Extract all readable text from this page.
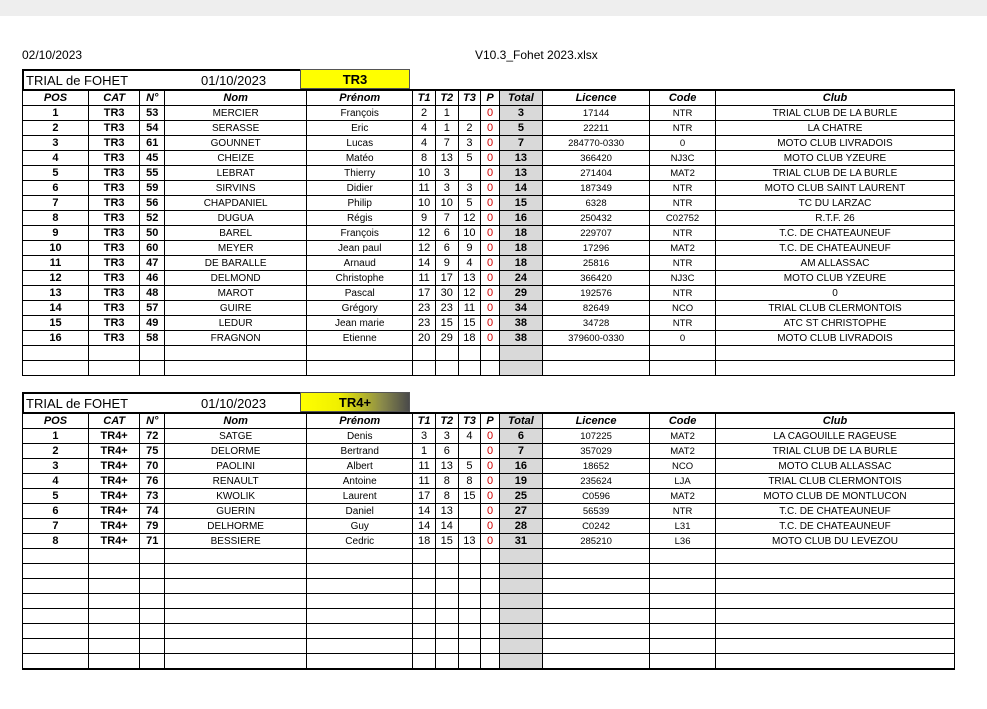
02/10/2023	V10.3_Fohet 2023.xlsx
TRIAL de FOHET	01/10/2023	TR3
POS	CAT	N°	Nom	Prénom	T1	T2	T3	P	Total	Licence	Code	Club
1	TR3	53	MERCIER	François	2	1		0	3	17144	NTR	TRIAL CLUB DE LA BURLE
2	TR3	54	SERASSE	Eric	4	1	2	0	5	22211	NTR	LA CHATRE
3	TR3	61	GOUNNET	Lucas	4	7	3	0	7	284770-0330	0	MOTO CLUB LIVRADOIS
4	TR3	45	CHEIZE	Matéo	8	13	5	0	13	366420	NJ3C	MOTO CLUB YZEURE
5	TR3	55	LEBRAT	Thierry	10	3		0	13	271404	MAT2	TRIAL CLUB DE LA BURLE
6	TR3	59	SIRVINS	Didier	11	3	3	0	14	187349	NTR	MOTO CLUB SAINT LAURENT
7	TR3	56	CHAPDANIEL	Philip	10	10	5	0	15	6328	NTR	TC DU LARZAC
8	TR3	52	DUGUA	Régis	9	7	12	0	16	250432	C02752	R.T.F. 26
9	TR3	50	BAREL	François	12	6	10	0	18	229707	NTR	T.C. DE CHATEAUNEUF
10	TR3	60	MEYER	Jean paul	12	6	9	0	18	17296	MAT2	T.C. DE CHATEAUNEUF
11	TR3	47	DE BARALLE	Arnaud	14	9	4	0	18	25816	NTR	AM ALLASSAC
12	TR3	46	DELMOND	Christophe	11	17	13	0	24	366420	NJ3C	MOTO CLUB YZEURE
13	TR3	48	MAROT	Pascal	17	30	12	0	29	192576	NTR	0
14	TR3	57	GUIRE	Grégory	23	23	11	0	34	82649	NCO	TRIAL CLUB CLERMONTOIS
15	TR3	49	LEDUR	Jean marie	23	15	15	0	38	34728	NTR	ATC ST CHRISTOPHE
16	TR3	58	FRAGNON	Etienne	20	29	18	0	38	379600-0330	0	MOTO CLUB LIVRADOIS

TRIAL de FOHET	01/10/2023	TR4+
POS	CAT	N°	Nom	Prénom	T1	T2	T3	P	Total	Licence	Code	Club
1	TR4+	72	SATGE	Denis	3	3	4	0	6	107225	MAT2	LA CAGOUILLE RAGEUSE
2	TR4+	75	DELORME	Bertrand	1	6		0	7	357029	MAT2	TRIAL CLUB DE LA BURLE
3	TR4+	70	PAOLINI	Albert	11	13	5	0	16	18652	NCO	MOTO CLUB ALLASSAC
4	TR4+	76	RENAULT	Antoine	11	8	8	0	19	235624	LJA	TRIAL CLUB CLERMONTOIS
5	TR4+	73	KWOLIK	Laurent	17	8	15	0	25	C0596	MAT2	MOTO CLUB DE MONTLUCON
6	TR4+	74	GUERIN	Daniel	14	13		0	27	56539	NTR	T.C. DE CHATEAUNEUF
7	TR4+	79	DELHORME	Guy	14	14		0	28	C0242	L31	T.C. DE CHATEAUNEUF
8	TR4+	71	BESSIERE	Cedric	18	15	13	0	31	285210	L36	MOTO CLUB DU LEVEZOU
